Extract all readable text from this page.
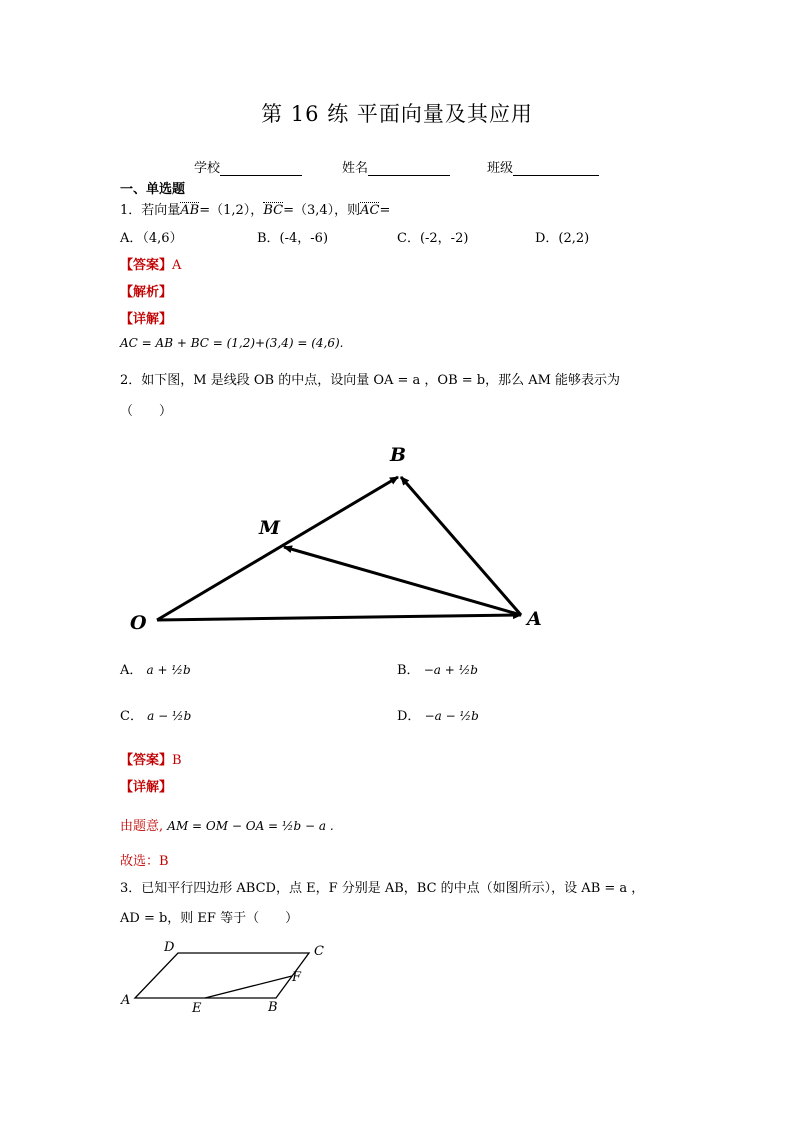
第 16 练 平面向量及其应用
学校	姓名	班级
一、单选题
1．若向量AB=（1,2），BC=（3,4），则AC=
A．（4,6）	B．(-4，-6)	C．(-2，-2)	D．(2,2)
【答案】A
【解析】
【详解】
AC = AB + BC = (1,2)+(3,4) = (4,6).
2．如下图，M 是线段 OB 的中点，设向量 OA = a ，OB = b，那么 AM 能够表示为
（　　）
B
M
O	A
A． a + ½b	B． −a + ½b
C． a − ½b	D． −a − ½b
【答案】B
【详解】
由题意, AM = OM − OA = ½b − a .
故选：B
3．已知平行四边形 ABCD，点 E，F 分别是 AB，BC 的中点（如图所示），设 AB = a ，
AD = b，则 EF 等于（　　）
D	C
F
A
E	B
